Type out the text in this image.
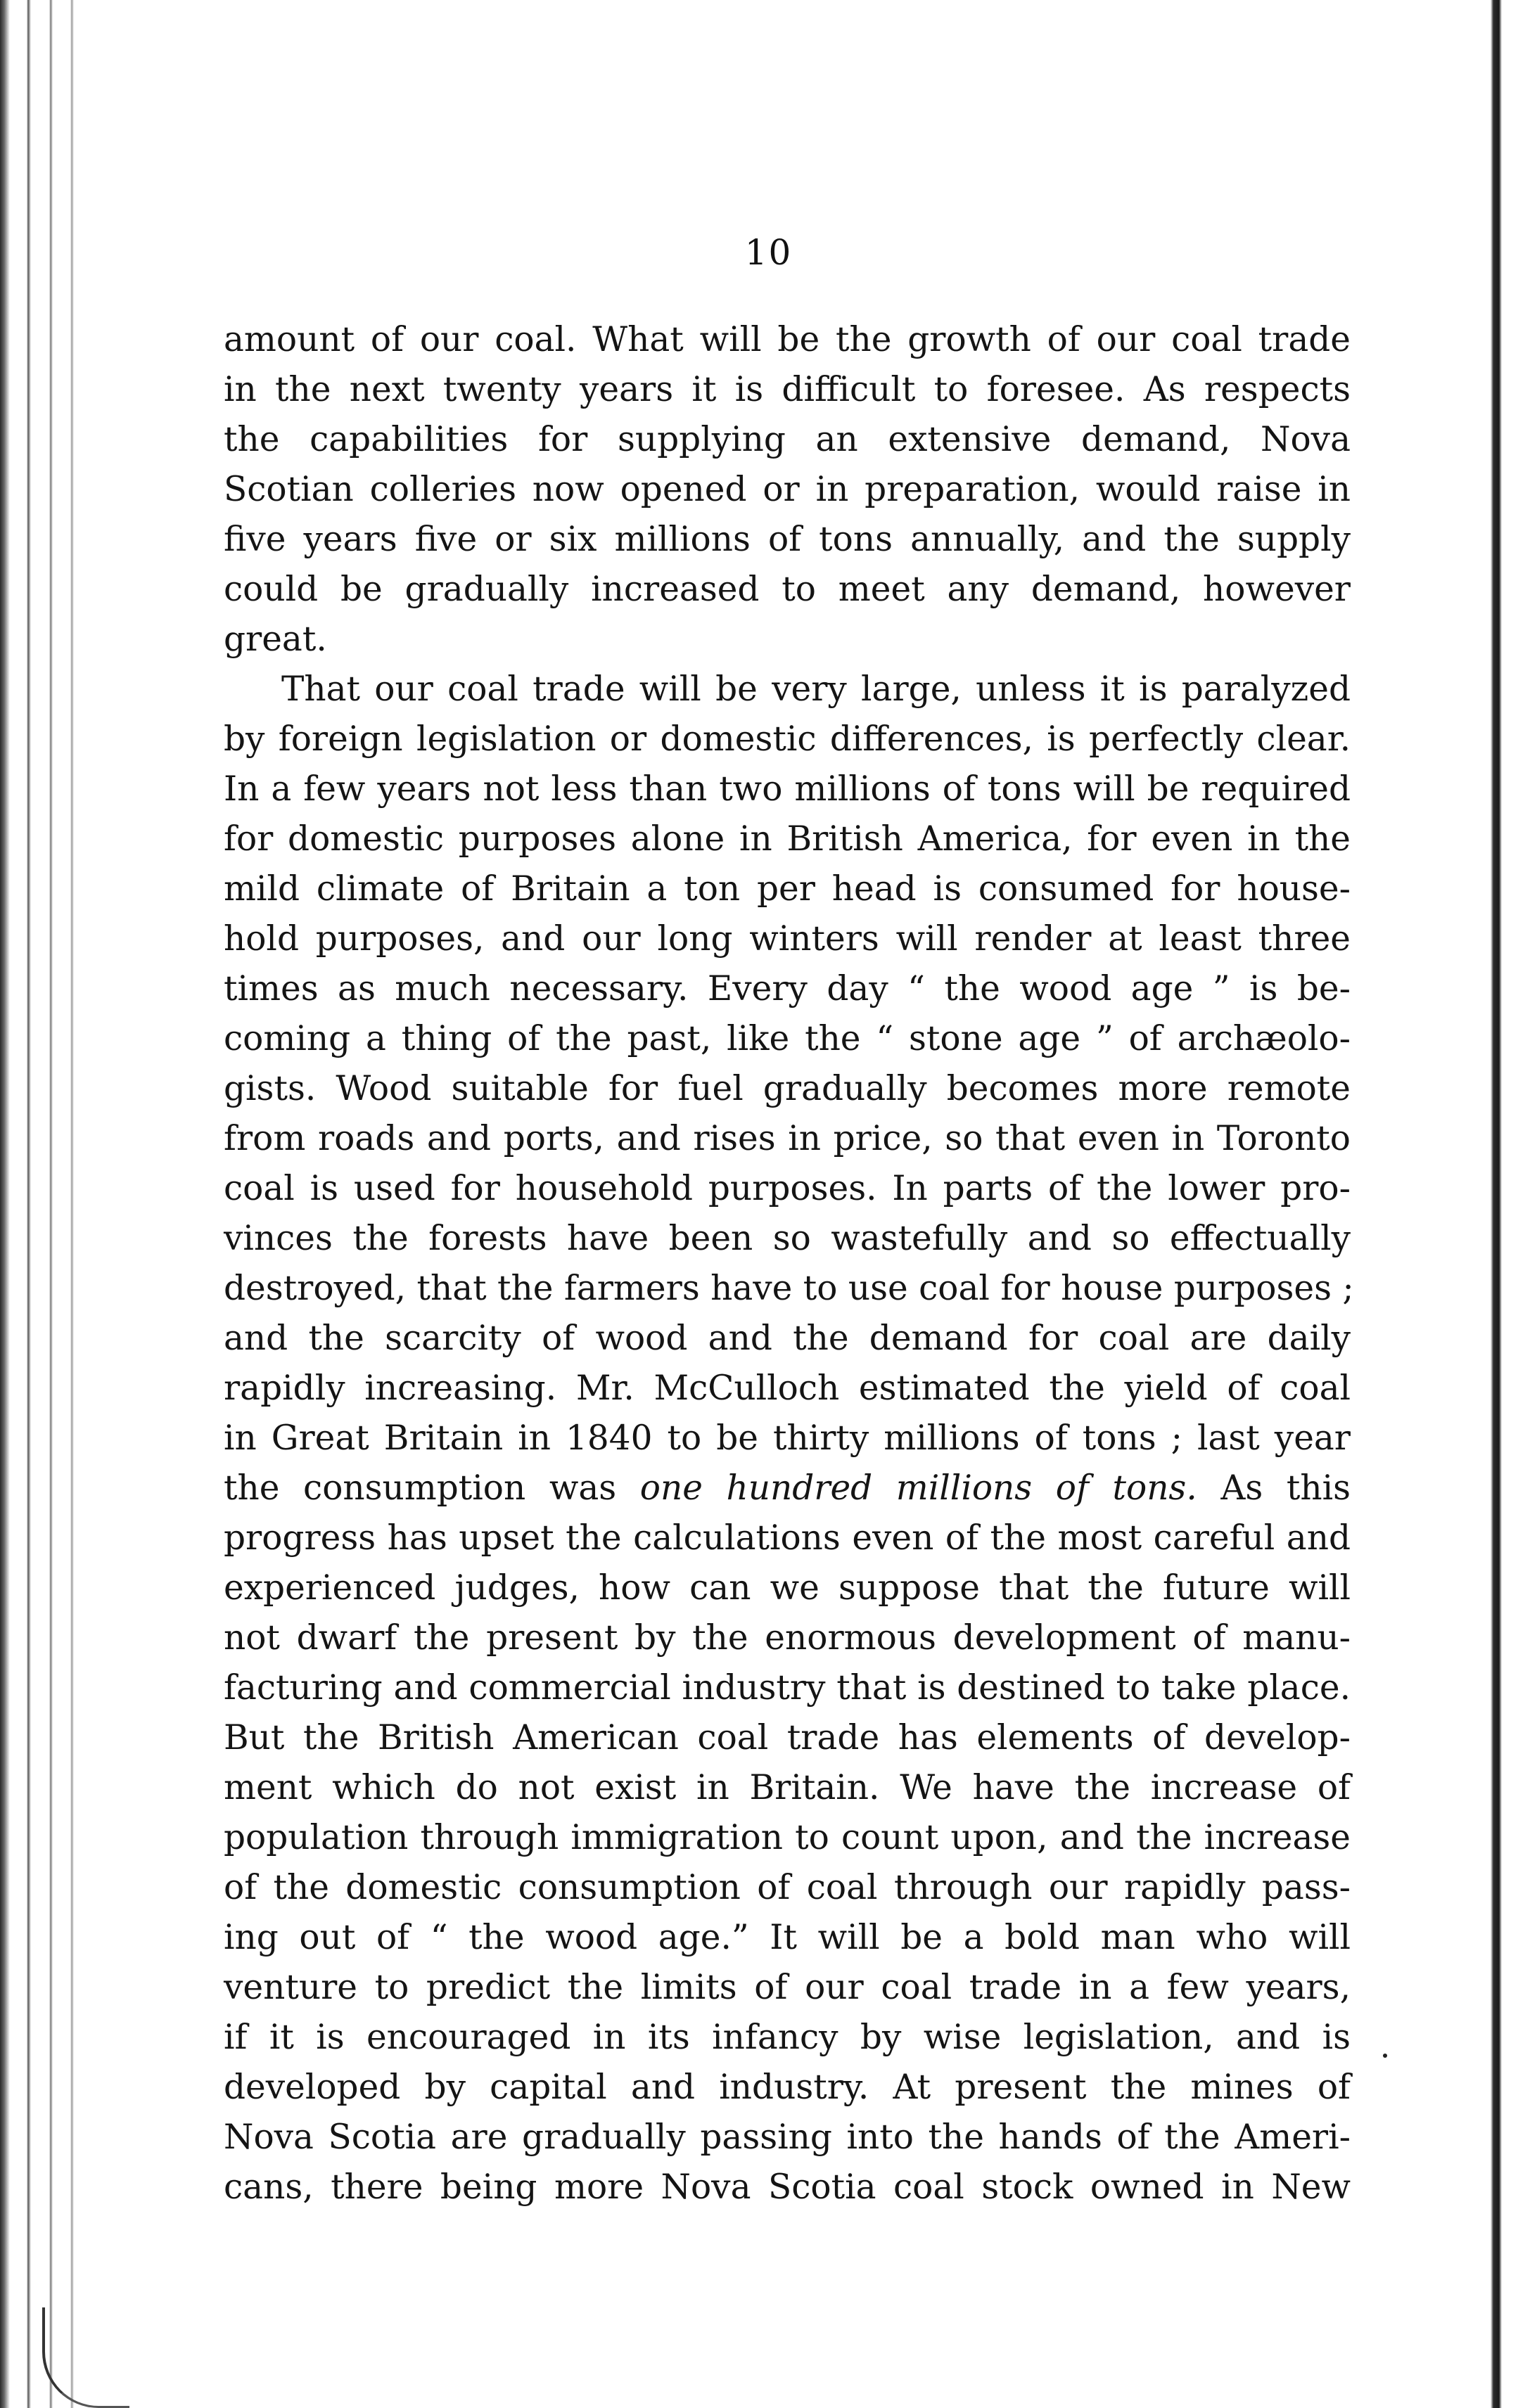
10
amount of our coal. What will be the growth of our coal trade
in the next twenty years it is difficult to foresee. As respects
the capabilities for supplying an extensive demand, Nova
Scotian colleries now opened or in preparation, would raise in
five years five or six millions of tons annually, and the supply
could be gradually increased to meet any demand, however
great.
That our coal trade will be very large, unless it is paralyzed
by foreign legislation or domestic differences, is perfectly clear.
In a few years not less than two millions of tons will be required
for domestic purposes alone in British America, for even in the
mild climate of Britain a ton per head is consumed for house-
hold purposes, and our long winters will render at least three
times as much necessary. Every day “ the wood age ” is be-
coming a thing of the past, like the “ stone age ” of archæolo-
gists. Wood suitable for fuel gradually becomes more remote
from roads and ports, and rises in price, so that even in Toronto
coal is used for household purposes. In parts of the lower pro-
vinces the forests have been so wastefully and so effectually
destroyed, that the farmers have to use coal for house purposes ;
and the scarcity of wood and the demand for coal are daily
rapidly increasing. Mr. McCulloch estimated the yield of coal
in Great Britain in 1840 to be thirty millions of tons ; last year
the consumption was one hundred millions of tons. As this
progress has upset the calculations even of the most careful and
experienced judges, how can we suppose that the future will
not dwarf the present by the enormous development of manu-
facturing and commercial industry that is destined to take place.
But the British American coal trade has elements of develop-
ment which do not exist in Britain. We have the increase of
population through immigration to count upon, and the increase
of the domestic consumption of coal through our rapidly pass-
ing out of “ the wood age.” It will be a bold man who will
venture to predict the limits of our coal trade in a few years,
if it is encouraged in its infancy by wise legislation, and is
developed by capital and industry. At present the mines of
Nova Scotia are gradually passing into the hands of the Ameri-
cans, there being more Nova Scotia coal stock owned in New
